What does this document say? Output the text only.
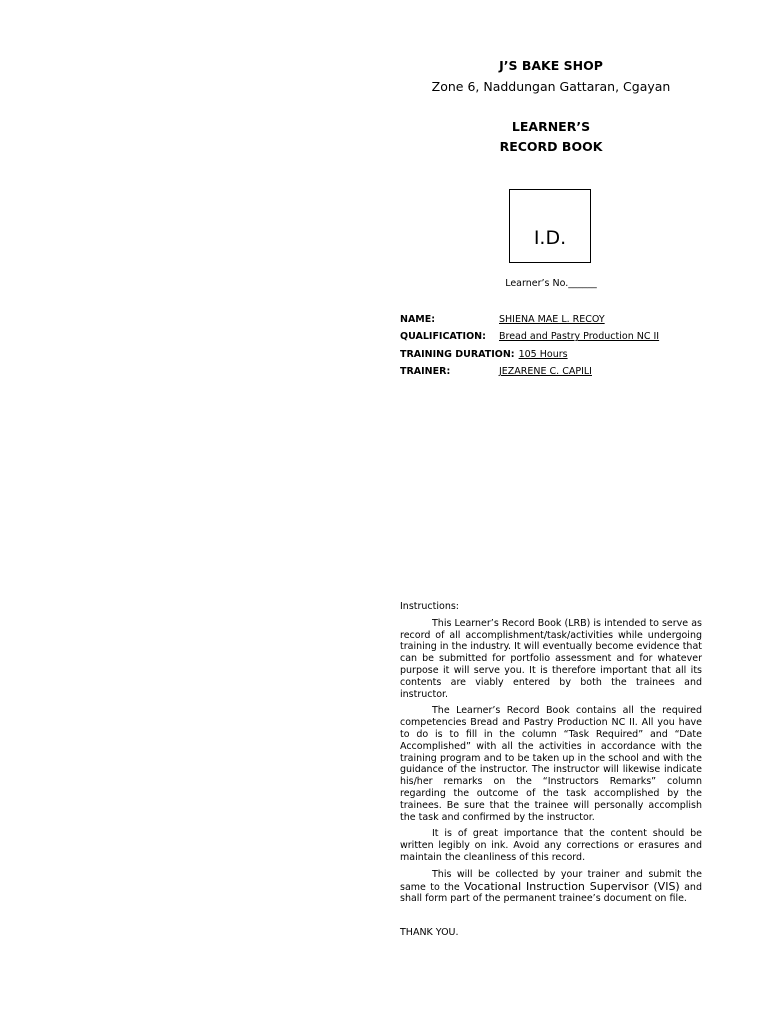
J’S BAKE SHOP

Zone 6, Naddungan Gattaran, Cgayan

LEARNER’S
RECORD BOOK
I.D.
Learner’s No.______
NAME:	SHIENA MAE L. RECOY
QUALIFICATION:	Bread and Pastry Production NC II
TRAINING DURATION: 105 Hours
TRAINER:	JEZARENE C. CAPILI

Instructions:

This Learner’s Record Book (LRB) is intended to serve as record of all accomplishment/task/activities while undergoing training in the industry. It will eventually become evidence that can be submitted for portfolio assessment and for whatever purpose it will serve you. It is therefore important that all its contents are viably entered by both the trainees and instructor.

The Learner’s Record Book contains all the required competencies Bread and Pastry Production NC II. All you have to do is to fill in the column “Task Required” and “Date Accomplished” with all the activities in accordance with the training program and to be taken up in the school and with the guidance of the instructor. The instructor will likewise indicate his/her remarks on the “Instructors Remarks” column regarding the outcome of the task accomplished by the trainees. Be sure that the trainee will personally accomplish the task and confirmed by the instructor.

It is of great importance that the content should be written legibly on ink. Avoid any corrections or erasures and maintain the cleanliness of this record.

This will be collected by your trainer and submit the same to the Vocational Instruction Supervisor (VIS) and shall form part of the permanent trainee’s document on file.

THANK YOU.
